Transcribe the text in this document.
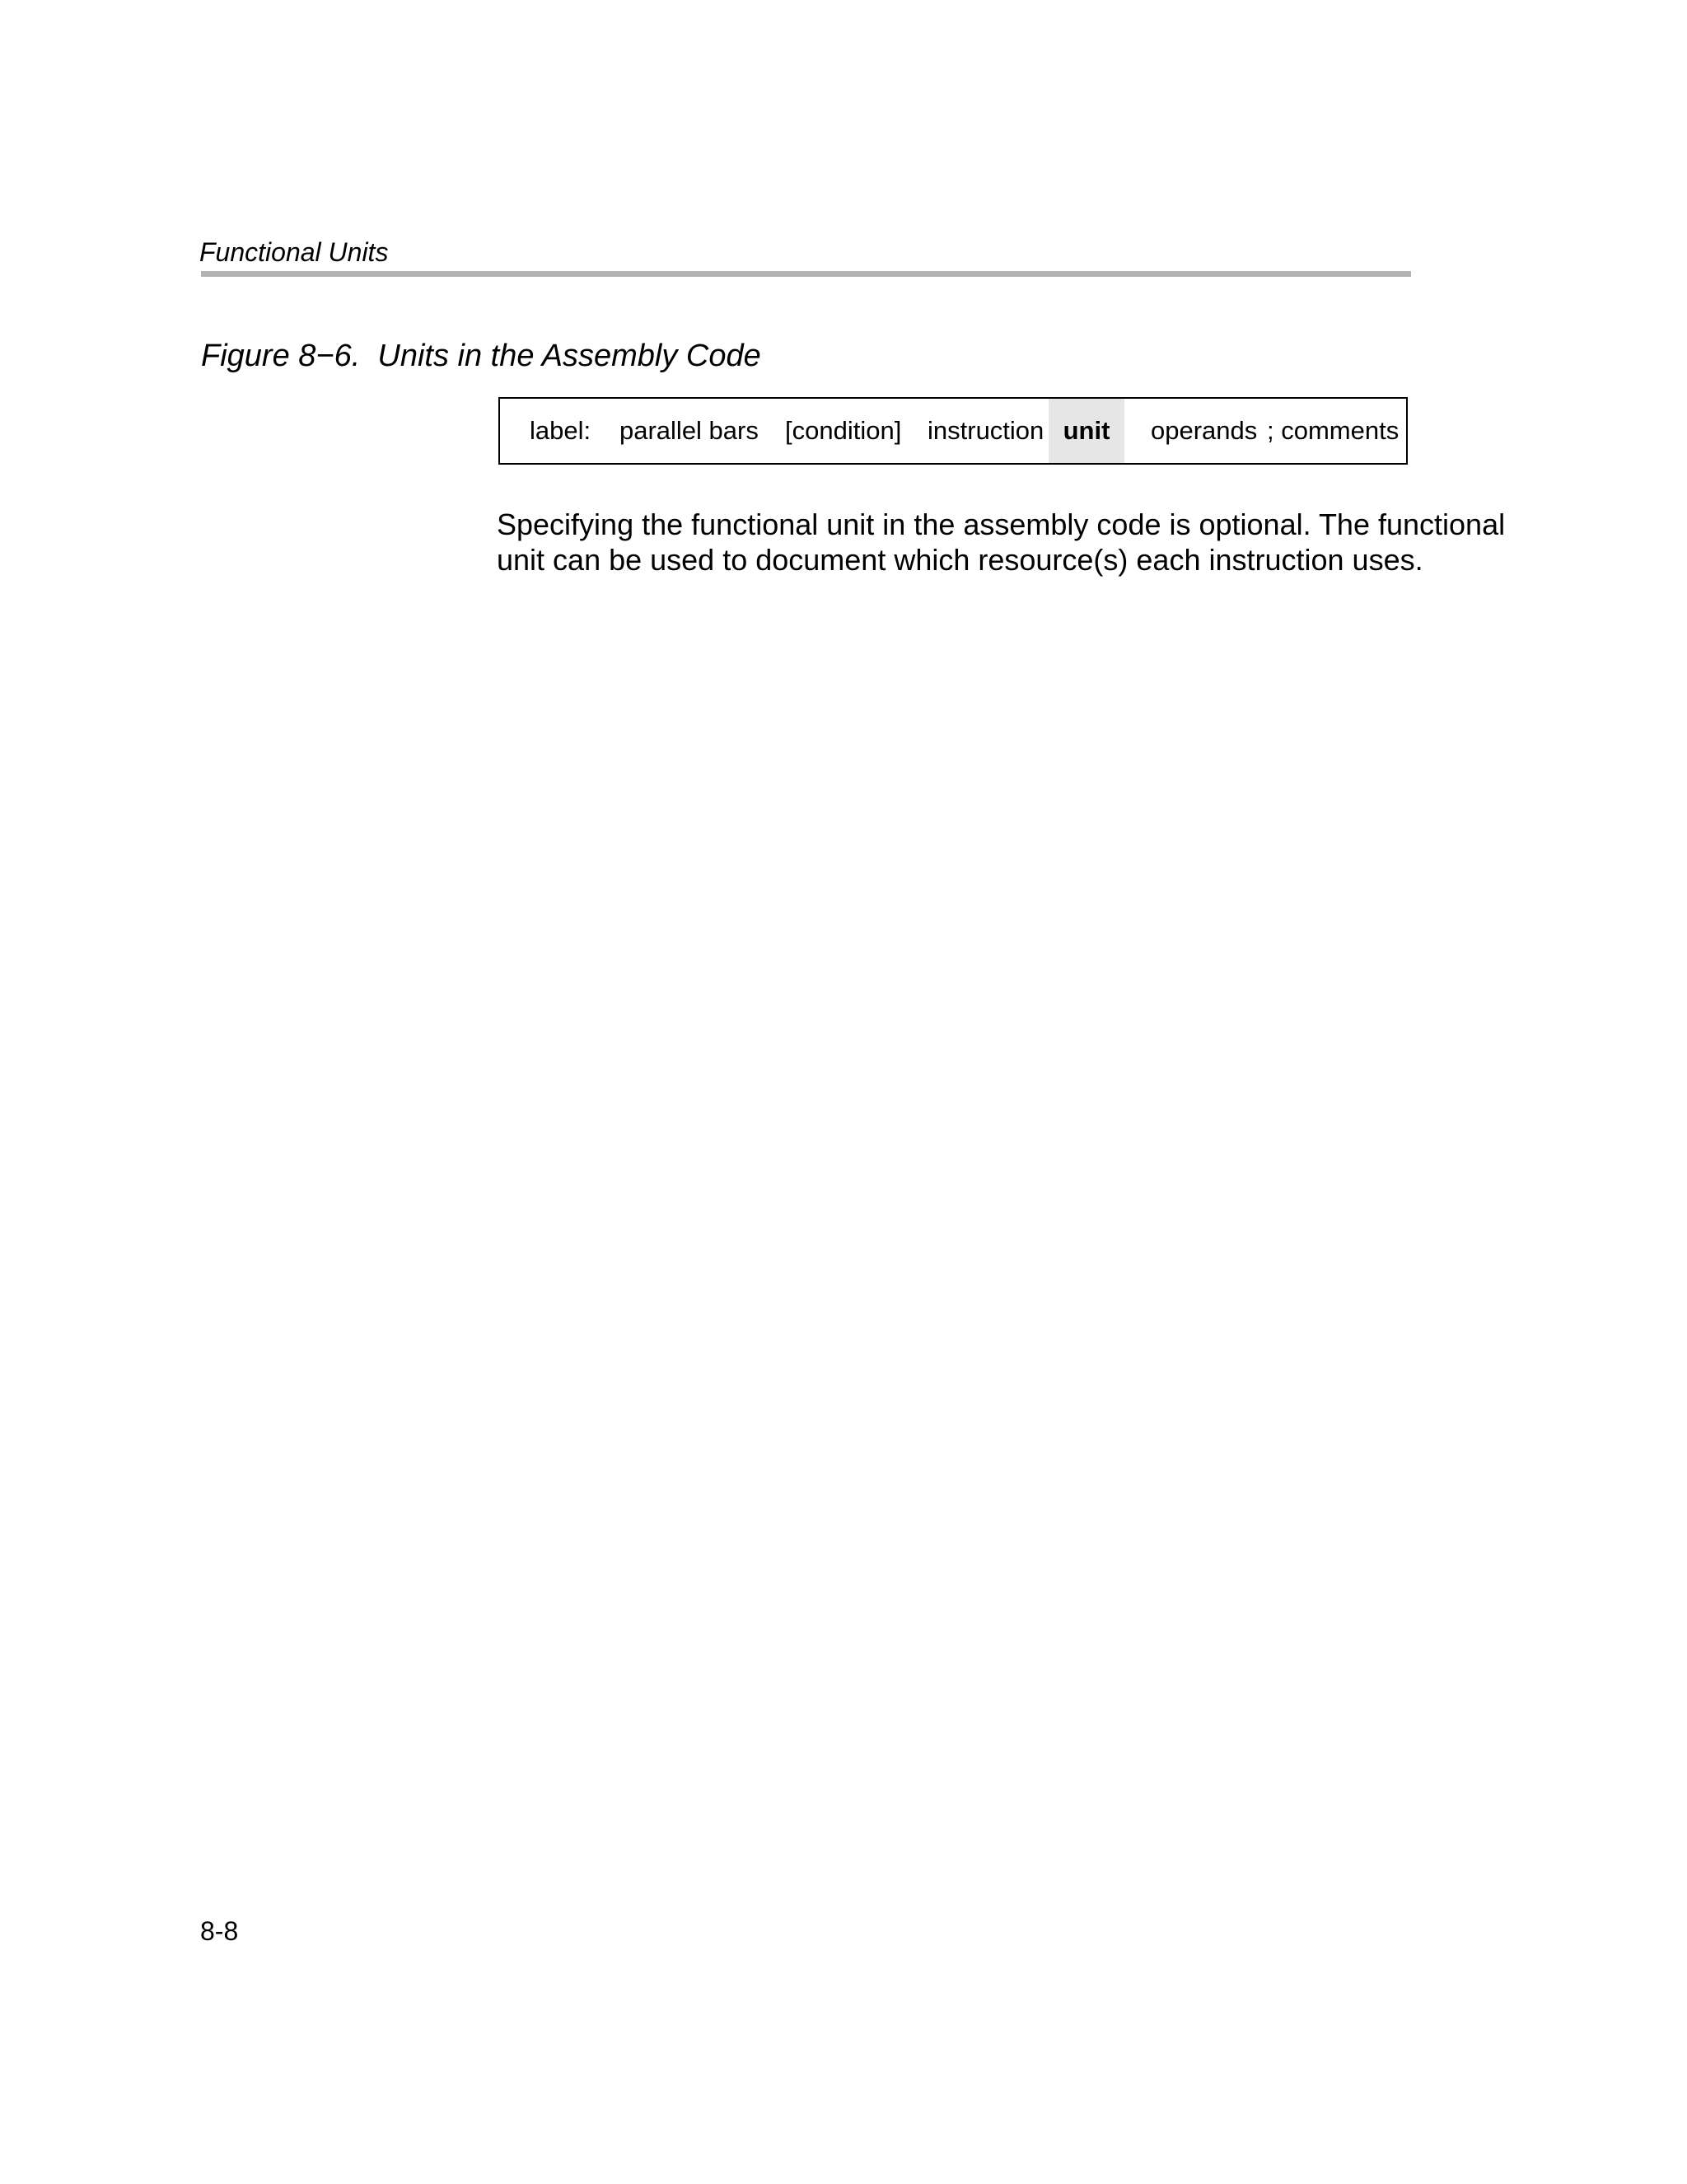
Functional Units
Figure 8−6.  Units in the Assembly Code
label: parallel bars [condition] instruction unit	operands ; comments
Specifying the functional unit in the assembly code is optional. The functional
unit can be used to document which resource(s) each instruction uses.
8-8
